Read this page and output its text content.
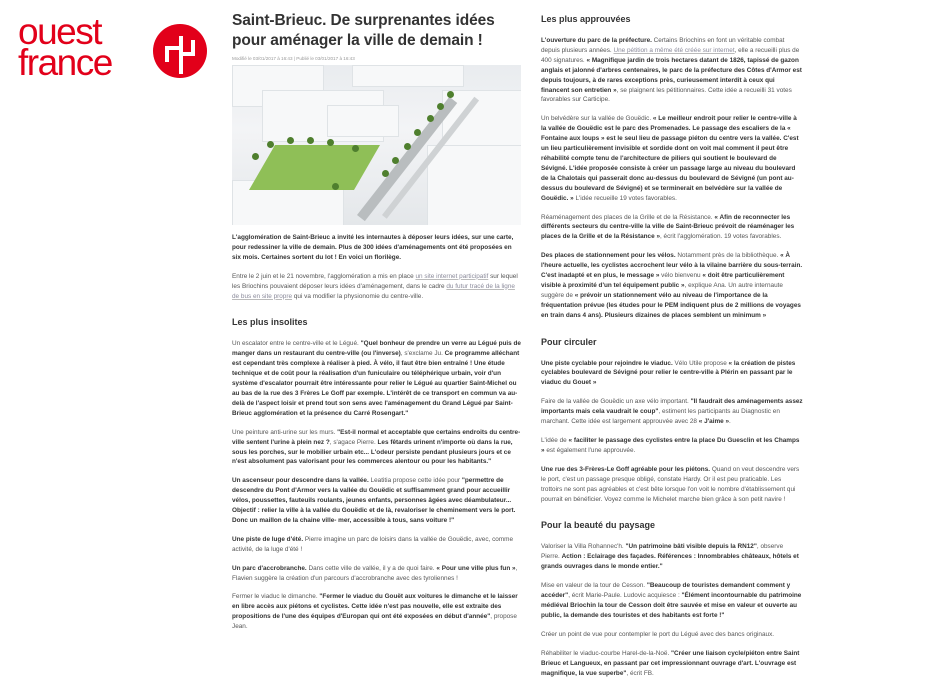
ouest
france
Saint-Brieuc. De surprenantes idées pour aménager la ville de demain !
Modifié le 03/01/2017 à 16:43 | Publié le 03/01/2017 à 16:43

L'agglomération de Saint-Brieuc a invité les internautes à déposer leurs idées, sur une carte, pour redessiner la ville de demain. Plus de 300 idées d'aménagements ont été proposées en six mois. Certaines sortent du lot ! En voici un florilège.

Entre le 2 juin et le 21 novembre, l'agglomération a mis en place un site internet participatif sur lequel les Briochins pouvaient déposer leurs idées d'aménagement, dans le cadre du futur tracé de la ligne de bus en site propre qui va modifier la physionomie du centre-ville.

Les plus insolites

Un escalator entre le centre-ville et le Légué. "Quel bonheur de prendre un verre au Légué puis de manger dans un restaurant du centre-ville (ou l'inverse), s'exclame Ju. Ce programme alléchant est cependant très complexe à réaliser à pied. À vélo, il faut être bien entraîné ! Une étude technique et de coût pour la réalisation d'un funiculaire ou téléphérique urbain, voir d'un système d'escalator pourrait être intéressante pour relier le Légué au quartier Saint-Michel ou au bas de la rue des 3 Frères Le Goff par exemple. L'intérêt de ce transport en commun va au-delà de l'aspect loisir et prend tout son sens avec l'aménagement du Grand Légué par Saint-Brieuc agglomération et la présence du Carré Rosengart."

Une peinture anti-urine sur les murs. "Est-il normal et acceptable que certains endroits du centre-ville sentent l'urine à plein nez ?, s'agace Pierre. Les fêtards urinent n'importe où dans la rue, sous les porches, sur le mobilier urbain etc... L'odeur persiste pendant plusieurs jours et ce n'est absolument pas valorisant pour les commerces alentour ou pour les habitants."

Un ascenseur pour descendre dans la vallée. Leatitia propose cette idée pour "permettre de descendre du Pont d'Armor vers la vallée du Gouëdic et suffisamment grand pour accueillir vélos, poussettes, fauteuils roulants, jeunes enfants, personnes âgées avec déambulateur... Objectif : relier la ville à la vallée du Gouëdic et de là, revaloriser le cheminement vers le port. Donc un maillon de la chaine ville- mer, accessible à tous, sans voiture !"

Une piste de luge d'été. Pierre imagine un parc de loisirs dans la vallée de Gouëdic, avec, comme activité, de la luge d'été !

Un parc d'accrobranche. Dans cette ville de vallée, il y a de quoi faire. « Pour une ville plus fun », Flavien suggère la création d'un parcours d'accrobranche avec des tyroliennes !

Fermer le viaduc le dimanche. "Fermer le viaduc du Gouët aux voitures le dimanche et le laisser en libre accès aux piétons et cyclistes. Cette idée n'est pas nouvelle, elle est extraite des propositions de l'une des équipes d'Europan qui ont été exposées en début d'année", propose Jean.

Les plus approuvées

L'ouverture du parc de la préfecture. Certains Briochins en font un véritable combat depuis plusieurs années. Une pétition a même été créée sur internet, elle a recueilli plus de 400 signatures. « Magnifique jardin de trois hectares datant de 1826, tapissé de gazon anglais et jalonné d'arbres centenaires, le parc de la préfecture des Côtes d'Armor est depuis toujours, à de rares exceptions près, curieusement interdit à ceux qui financent son entretien », se plaignent les pétitionnaires. Cette idée a recueilli 31 votes favorables sur Carticipe.

Un belvédère sur la vallée de Gouëdic. « Le meilleur endroit pour relier le centre-ville à la vallée de Gouëdic est le parc des Promenades. Le passage des escaliers de la « Fontaine aux loups » est le seul lieu de passage piéton du centre vers la vallée. C'est un lieu particulièrement invisible et sordide dont on voit mal comment il peut être réhabilité compte tenu de l'architecture de piliers qui soutient le boulevard de Sévigné. L'idée proposée consiste à créer un passage large au niveau du boulevard de la Chalotais qui passerait donc au-dessus du boulevard de Sévigné (un pont au-dessus du boulevard de Sévigné) et se terminerait en belvédère sur la vallée de Gouëdic. » L'idée recueille 19 votes favorables.

Réaménagement des places de la Grille et de la Résistance. « Afin de reconnecter les différents secteurs du centre-ville la ville de Saint-Brieuc prévoit de réaménager les places de la Grille et de la Résistance », écrit l'agglomération. 19 votes favorables.

Des places de stationnement pour les vélos. Notamment près de la bibliothèque. « À l'heure actuelle, les cyclistes accrochent leur vélo à la vilaine barrière du sous-terrain. C'est inadapté et en plus, le message » vélo bienvenu « doit être particulièrement visible à proximité d'un tel équipement public », explique Ana. Un autre internaute suggère de « prévoir un stationnement vélo au niveau de l'importance de la fréquentation prévue (les études pour le PEM indiquent plus de 2 millions de voyages en train dans 4 ans). Plusieurs dizaines de places semblent un minimum »

Pour circuler

Une piste cyclable pour rejoindre le viaduc. Vélo Utile propose « la création de pistes cyclables boulevard de Sévigné pour relier le centre-ville à Plérin en passant par le viaduc du Gouet »

Faire de la vallée de Gouëdic un axe vélo important. "Il faudrait des aménagements assez importants mais cela vaudrait le coup", estiment les participants au Diagnostic en marchant. Cette idée est largement approuvée avec 28 « J'aime ».

L'idée de « faciliter le passage des cyclistes entre la place Du Guesclin et les Champs » est également l'une approuvée.

Une rue des 3-Frères-Le Goff agréable pour les piétons. Quand on veut descendre vers le port, c'est un passage presque obligé, constate Hardy. Or il est peu praticable. Les trottoirs ne sont pas agréables et c'est bête lorsque l'on voit le nombre d'établissement qui pourrait en bénéficier. Voyez comme le Michelet marche bien grâce à son petit navire !

Pour la beauté du paysage

Valoriser la Villa Rohannec'h. "Un patrimoine bâti visible depuis la RN12", observe Pierre. Action : Eclairage des façades. Références : Innombrables châteaux, hôtels et grands ouvrages dans le monde entier."

Mise en valeur de la tour de Cesson. "Beaucoup de touristes demandent comment y accéder", écrit Marie-Paule. Ludovic acquiesce : "Élément incontournable du patrimoine médiéval Briochin la tour de Cesson doit être sauvée et mise en valeur et ouverte au public, la demande des touristes et des habitants est forte !"

Créer un point de vue pour contempler le port du Légué avec des bancs originaux.

Réhabiliter le viaduc-courbe Harel-de-la-Noë. "Créer une liaison cycle/piéton entre Saint Brieuc et Langueux, en passant par cet impressionnant ouvrage d'art. L'ouvrage est magnifique, la vue superbe", écrit FB.
